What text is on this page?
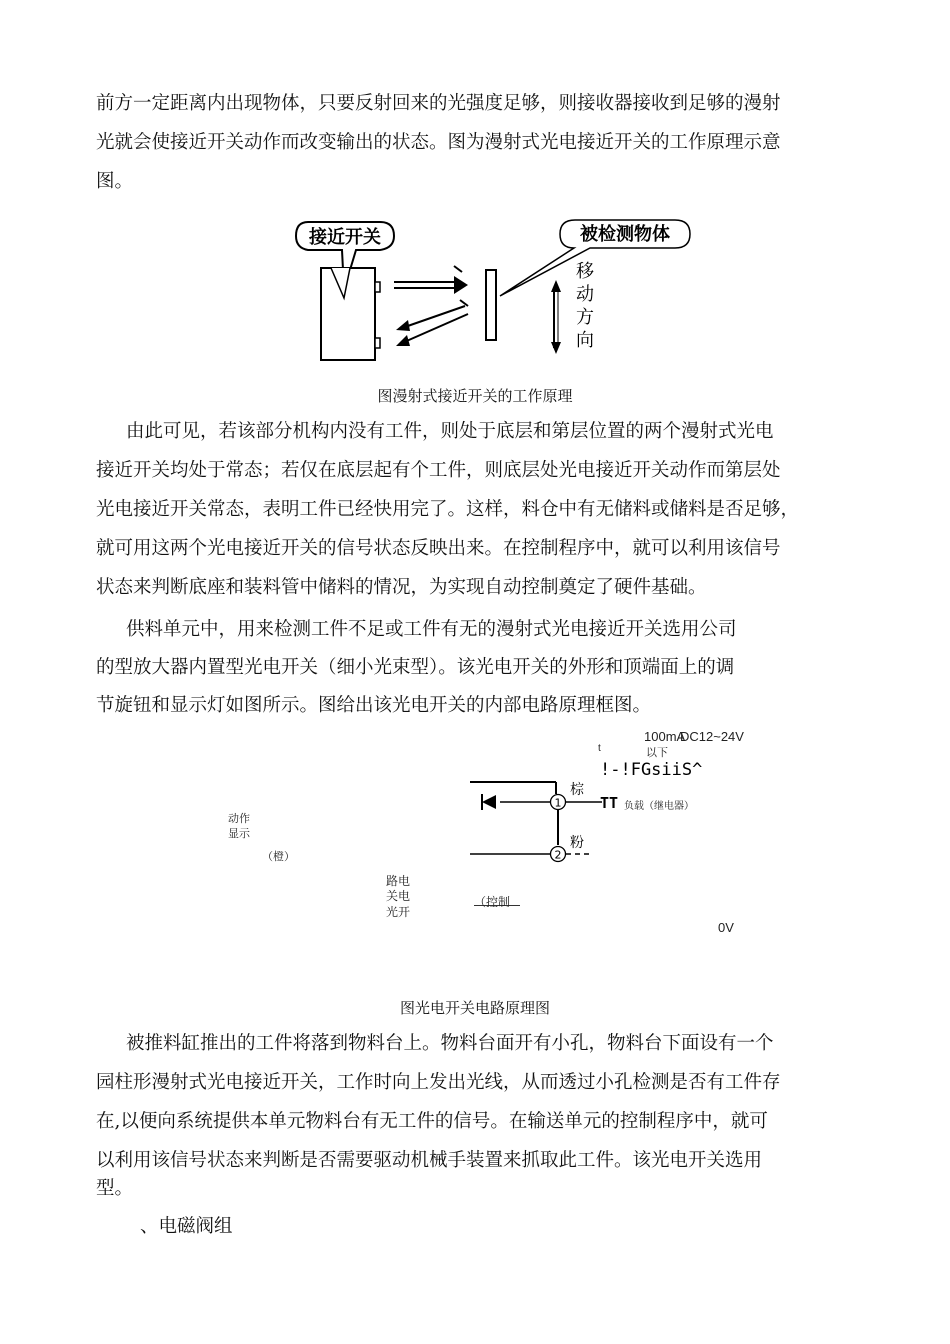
前方一定距离内出现物体，只要反射回来的光强度足够，则接收器接收到足够的漫射
光就会使接近开关动作而改变输出的状态。图为漫射式光电接近开关的工作原理示意
图。
接近开关	被检测物体
移
动
方
向
图漫射式接近开关的工作原理
由此可见，若该部分机构内没有工件，则处于底层和第层位置的两个漫射式光电
接近开关均处于常态；若仅在底层起有个工件，则底层处光电接近开关动作而第层处
光电接近开关常态，表明工件已经快用完了。这样，料仓中有无储料或储料是否足够，
就可用这两个光电接近开关的信号状态反映出来。在控制程序中，就可以利用该信号
状态来判断底座和装料管中储料的情况，为实现自动控制奠定了硬件基础。
供料单元中，用来检测工件不足或工件有无的漫射式光电接近开关选用公司
的型放大器内置型光电开关（细小光束型）。该光电开关的外形和顶端面上的调
节旋钮和显示灯如图所示。图给出该光电开关的内部电路原理框图。
1
2
100mA
DC12~24V
t	以下
!-!FGsiiS^
棕
TT 负载（继电器）
粉
动作
显示
（橙）
路电
关电
光开
（控制
0V
图光电开关电路原理图
被推料缸推出的工件将落到物料台上。物料台面开有小孔，物料台下面设有一个
园柱形漫射式光电接近开关，工作时向上发出光线，从而透过小孔检测是否有工件存
在,以便向系统提供本单元物料台有无工件的信号。在输送单元的控制程序中，就可
以利用该信号状态来判断是否需要驱动机械手装置来抓取此工件。该光电开关选用
型。
、电磁阀组
